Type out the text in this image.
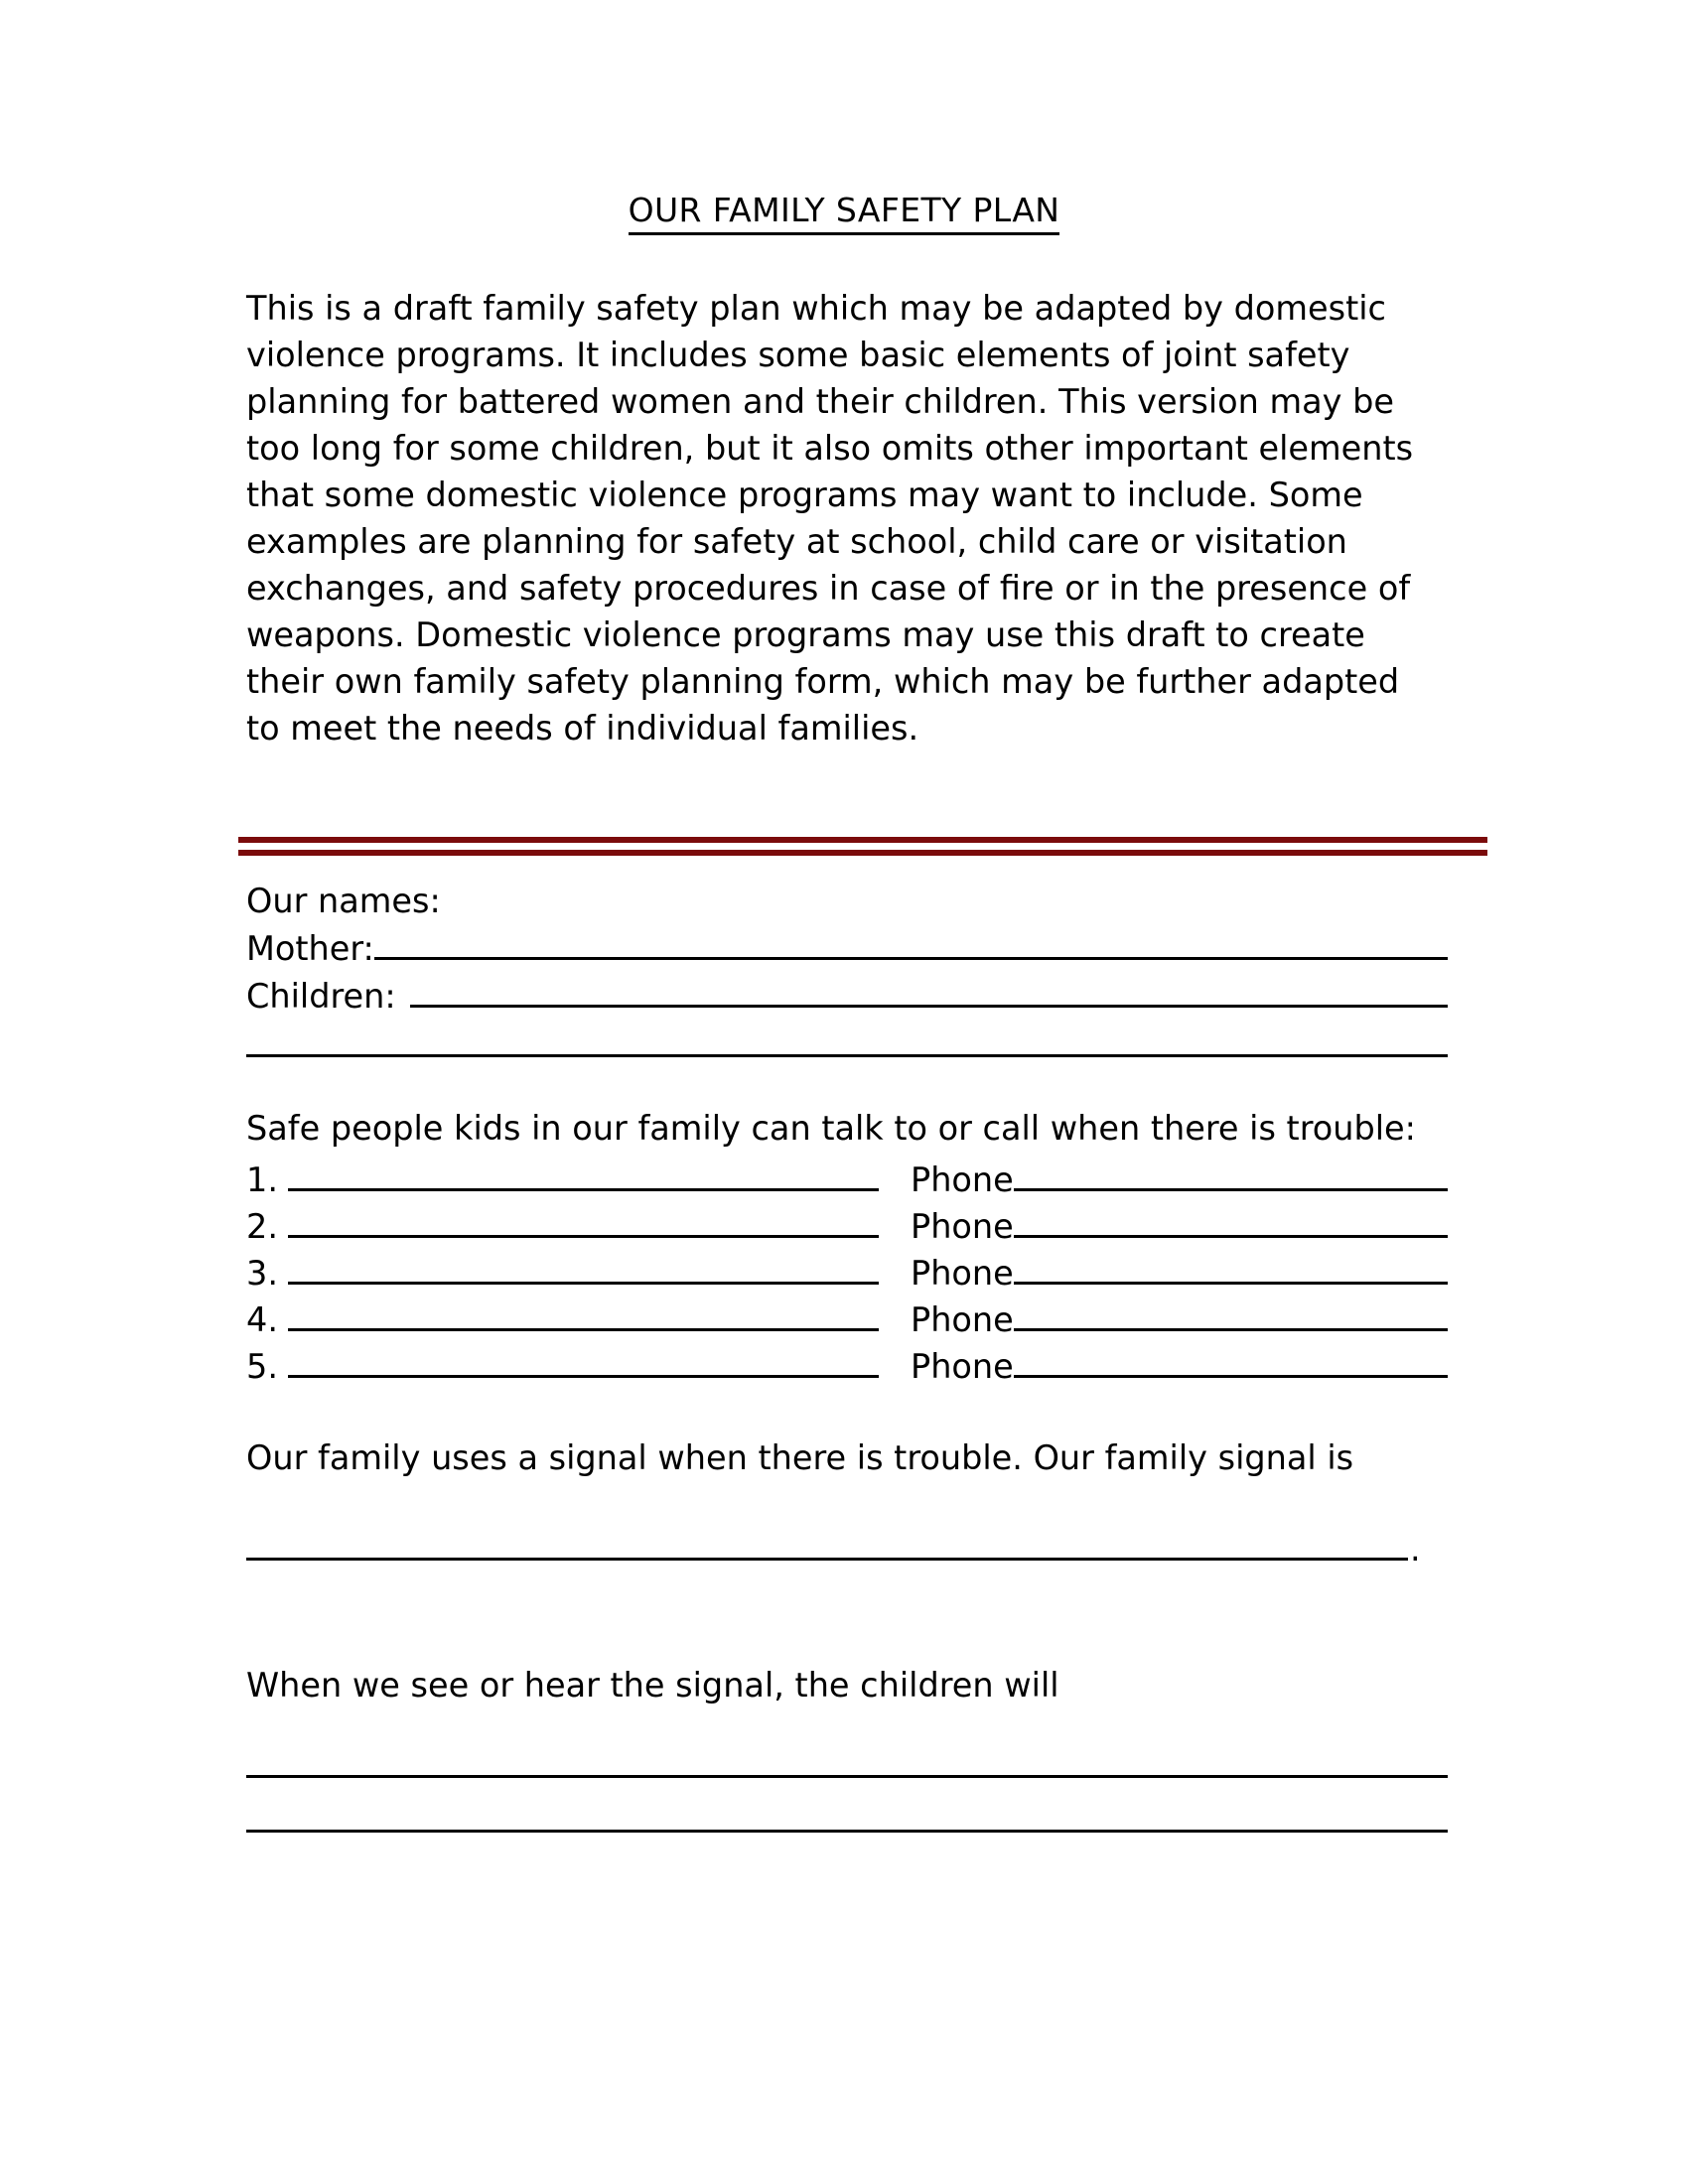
OUR FAMILY SAFETY PLAN

This is a draft family safety plan which may be adapted by domestic violence programs. It includes some basic elements of joint safety planning for battered women and their children. This version may be too long for some children, but it also omits other important elements that some domestic violence programs may want to include. Some examples are planning for safety at school, child care or visitation exchanges, and safety procedures in case of fire or in the presence of weapons. Domestic violence programs may use this draft to create their own family safety planning form, which may be further adapted to meet the needs of individual families.

Our names:
Mother:
Children:
Safe people kids in our family can talk to or call when there is trouble:
1.	Phone
2.	Phone
3.	Phone
4.	Phone
5.	Phone
Our family uses a signal when there is trouble. Our family signal is
.
When we see or hear the signal, the children will
